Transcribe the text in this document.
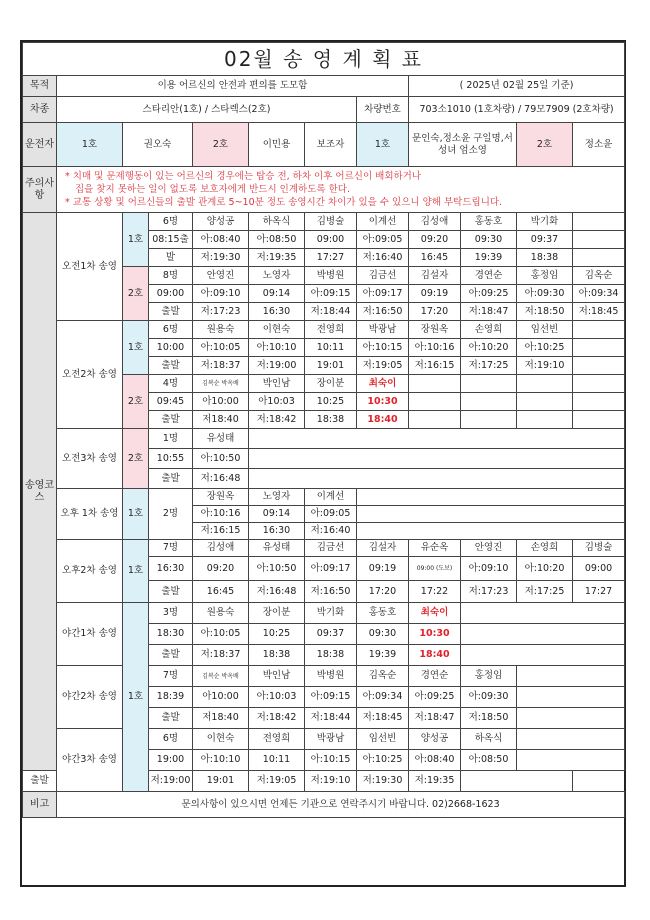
02월 송 영 계 획 표											
목적	이용 어르신의 안전과 편의를 도모함							( 2025년 02월 25일 기준)			
차종	스타리안(1호) / 스타렉스(2호)						차량번호	703소1010 (1호차량) / 79모7909 (2호차량)			
운전자	1호	권오숙		2호	이민용	보조자	1호	문인숙,정소윤 구일명,서성녀 엄소영		2호	정소윤
주의사항	* 치매 및 문제행동이 있는 어르신의 경우에는 탑승 전, 하차 이후 어르신이 배회하거나
집을 찾지 못하는 일이 없도록 보호자에게 반드시 인계하도록 한다.
* 교통 상황 및 어르신들의 출발 관계로 5~10분 정도 송영시간 차이가 있을 수 있으니 양해 부탁드립니다.										

송영코스	오전1차 송영	1호	6명	양성공	하옥식	김병술	이계선	김성애	홍동호	박기화	
			08:15출	아:08:40	아:08:50	09:00	아:09:05	09:20	09:30	09:37	
			발	저:19:30	저:19:35	17:27	저:16:40	16:45	19:39	18:38	
		2호	8명	안영진	노영자	박병원	김금선	김설자	경연순	홍정임	김옥순
			09:00	아:09:10	09:14	아:09:15	아:09:17	09:19	아:09:25	아:09:30	아:09:34
			출발	저:17:23	16:30	저:18:44	저:16:50	17:20	저:18:47	저:18:50	저:18:45
	오전2차 송영	1호	6명	원용숙	이현숙	전영희	박광남	장원옥	손영희	임선빈	
			10:00	아:10:05	아:10:10	10:11	아:10:15	아:10:16	아:10:20	아:10:25	
			출발	저:18:37	저:19:00	19:01	저:19:05	저:16:15	저:17:25	저:19:10	
		2호	4명	김복순 박옥배	박인남	장이분	최숙이				
			09:45	아10:00	아10:03	10:25	10:30				
			출발	저18:40	저:18:42	18:38	18:40				
	오전3차 송영	2호	1명	유성태							
			10:55	아:10:50							
			출발	저:16:48							
	오후 1차 송영	1호	2명	장원옥	노영자	이계선					
				아:10:16	09:14	아:09:05					
				저:16:15	16:30	저:16:40					
	오후2차 송영	1호	7명	김성애	유성태	김금선	김설자	유순옥	안영진	손영희	김병술
			16:30	09:20	아:10:50	아:09:17	09:19	09:00 (도보)	아:09:10	아:10:20	09:00
			출발	16:45	저:16:48	저:16:50	17:20	17:22	저:17:23	저:17:25	17:27
	야간1차 송영	1호	3명	원용숙	장이분	박기화	홍동호	최숙이			
			18:30	아:10:05	10:25	09:37	09:30	10:30			
			출발	저:18:37	18:38	18:38	19:39	18:40			
	야간2차 송영		7명	김복순 박옥배	박인남	박병원	김옥순	경연순	홍정임		
			18:39	아10:00	아:10:03	아:09:15	아:09:34	아:09:25	아:09:30		
			출발	저18:40	저:18:42	저:18:44	저:18:45	저:18:47	저:18:50		
	야간3차 송영		6명	이현숙	전영희	박광남	임선빈	양성공	하옥식		
			19:00	아:10:10	10:11	아:10:15	아:10:25	아:08:40	아:08:50		
출발			저:19:00	19:01	저:19:05	저:19:10	저:19:30	저:19:35			
비고	문의사항이 있으시면 언제든 기관으로 연락주시기 바랍니다. 02)2668-1623										
